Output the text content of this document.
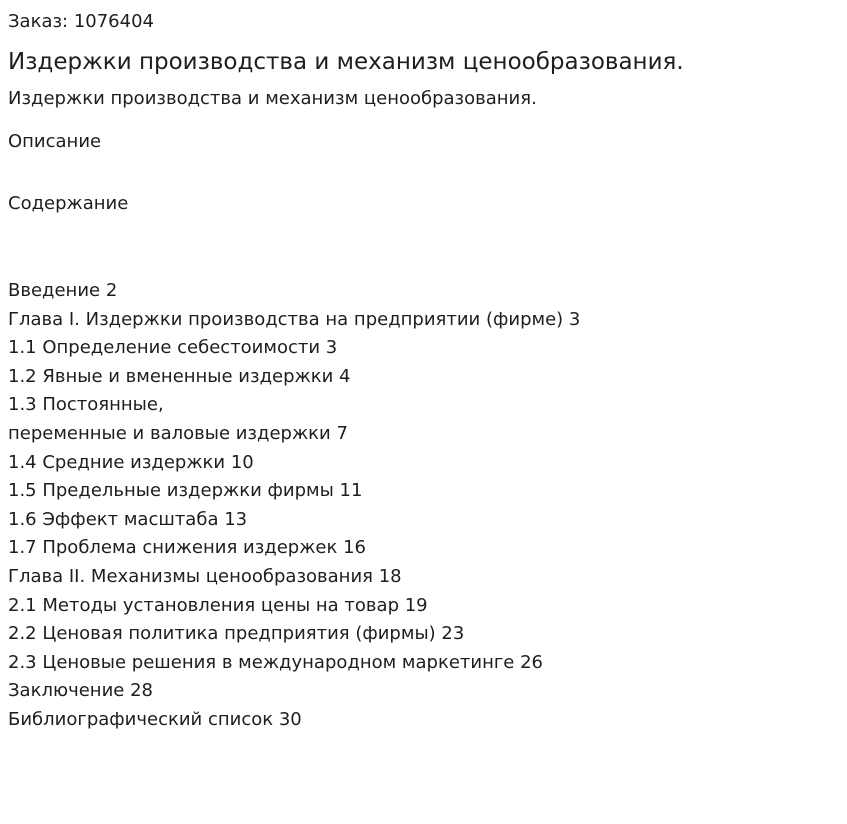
Заказ: 1076404
Издержки производства и механизм ценообразования.
Издержки производства и механизм ценообразования.
Описание
Содержание
Введение 2
Глава I. Издержки производства на предприятии (фирме) 3
1.1 Определение себестоимости 3
1.2 Явные и вмененные издержки 4
1.3 Постоянные,
переменные и валовые издержки 7
1.4 Средние издержки 10
1.5 Предельные издержки фирмы 11
1.6 Эффект масштаба 13
1.7 Проблема снижения издержек 16
Глава II. Механизмы ценообразования 18
2.1 Методы установления цены на товар 19
2.2 Ценовая политика предприятия (фирмы) 23
2.3 Ценовые решения в международном маркетинге 26
Заключение 28
Библиографический список 30
